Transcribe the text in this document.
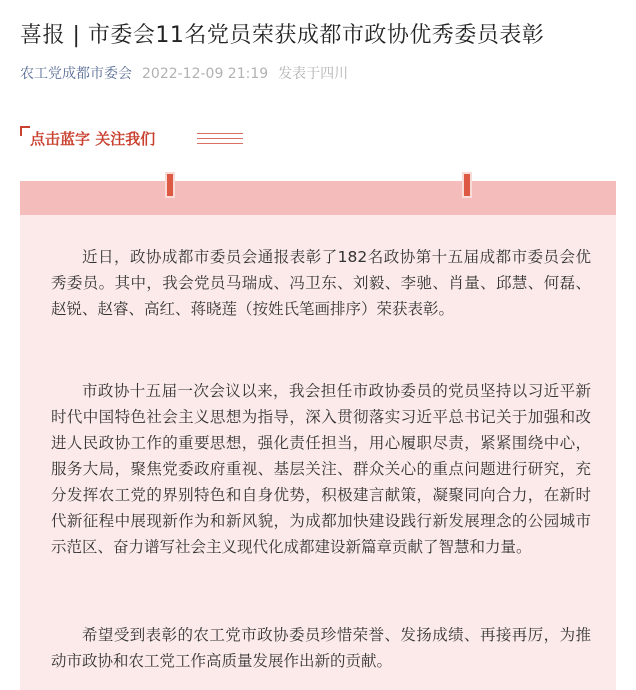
喜报 | 市委会11名党员荣获成都市政协优秀委员表彰
农工党成都市委会 2022-12-09 21:19 发表于四川
点击蓝字 关注我们

近日，政协成都市委员会通报表彰了182名政协第十五届成都市委员会优秀委员。其中，我会党员马瑞成、冯卫东、刘毅、李驰、肖量、邱慧、何磊、赵锐、赵睿、高红、蒋晓莲（按姓氏笔画排序）荣获表彰。

市政协十五届一次会议以来，我会担任市政协委员的党员坚持以习近平新时代中国特色社会主义思想为指导，深入贯彻落实习近平总书记关于加强和改进人民政协工作的重要思想，强化责任担当，用心履职尽责，紧紧围绕中心，服务大局，聚焦党委政府重视、基层关注、群众关心的重点问题进行研究，充分发挥农工党的界别特色和自身优势，积极建言献策，凝聚同向合力，在新时代新征程中展现新作为和新风貌，为成都加快建设践行新发展理念的公园城市示范区、奋力谱写社会主义现代化成都建设新篇章贡献了智慧和力量。

希望受到表彰的农工党市政协委员珍惜荣誉、发扬成绩、再接再厉，为推动市政协和农工党工作高质量发展作出新的贡献。
